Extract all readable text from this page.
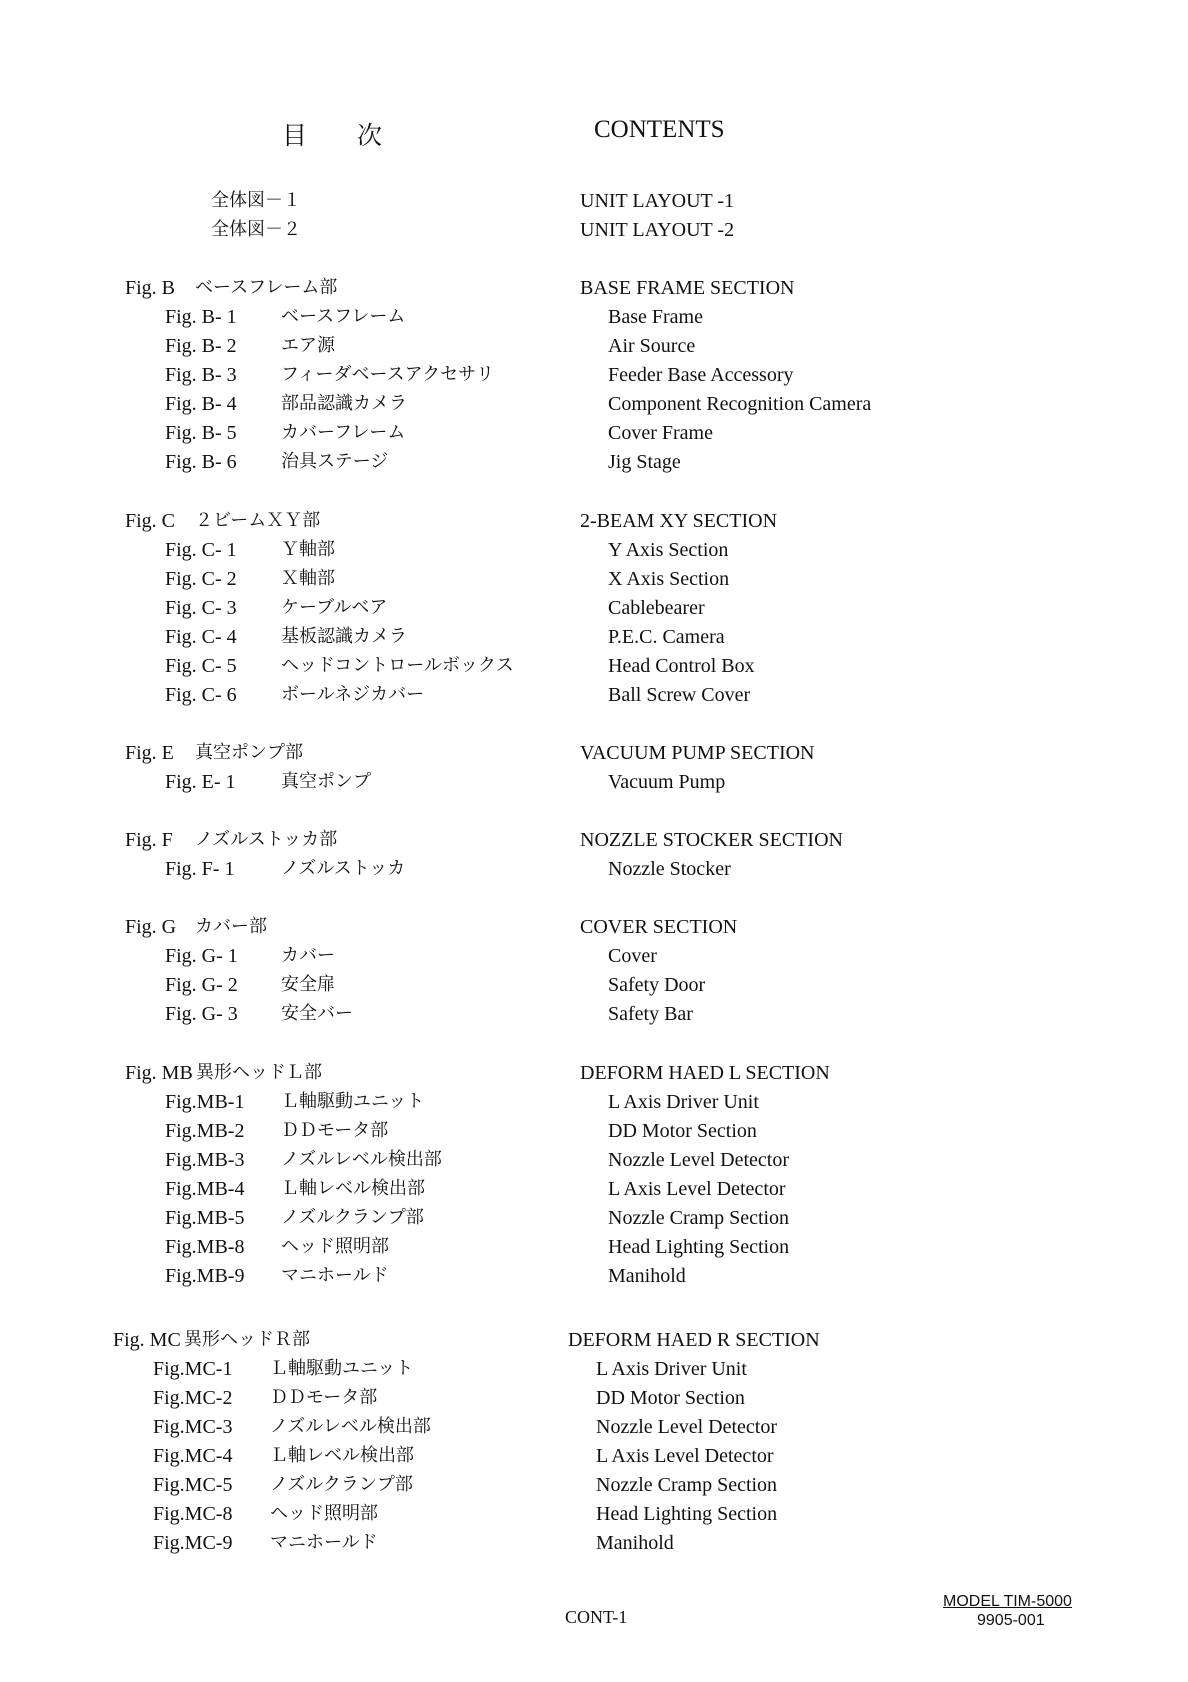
目　　次	CONTENTS
全体図－１	UNIT LAYOUT -1
全体図－２	UNIT LAYOUT -2
Fig. B ベースフレーム部	BASE FRAME SECTION
Fig. B- 1 ベースフレーム	Base Frame
Fig. B- 2 エア源	Air Source
Fig. B- 3 フィーダベースアクセサリ	Feeder Base Accessory
Fig. B- 4 部品認識カメラ	Component Recognition Camera
Fig. B- 5 カバーフレーム	Cover Frame
Fig. B- 6 治具ステージ	Jig Stage
Fig. C ２ビームＸＹ部	2-BEAM XY SECTION
Fig. C- 1 Ｙ軸部	Y Axis Section
Fig. C- 2 Ｘ軸部	X Axis Section
Fig. C- 3 ケーブルベア	Cablebearer
Fig. C- 4 基板認識カメラ	P.E.C. Camera
Fig. C- 5 ヘッドコントロールボックス	Head Control Box
Fig. C- 6 ボールネジカバー	Ball Screw Cover
Fig. E 真空ポンプ部	VACUUM PUMP SECTION
Fig. E- 1	真空ポンプ	Vacuum Pump
Fig. F ノズルストッカ部	NOZZLE STOCKER SECTION
Fig. F- 1	ノズルストッカ	Nozzle Stocker
Fig. G カバー部	COVER SECTION
Fig. G- 1 カバー	Cover
Fig. G- 2 安全扉	Safety Door
Fig. G- 3 安全バー	Safety Bar
Fig. MB 異形ヘッドＬ部	DEFORM HAED L SECTION
Fig.MB-1 Ｌ軸駆動ユニット	L Axis Driver Unit
Fig.MB-2 ＤＤモータ部	DD Motor Section
Fig.MB-3 ノズルレベル検出部	Nozzle Level Detector
Fig.MB-4 Ｌ軸レベル検出部	L Axis Level Detector
Fig.MB-5 ノズルクランプ部	Nozzle Cramp Section
Fig.MB-8 ヘッド照明部	Head Lighting Section
Fig.MB-9 マニホールド	Manihold
Fig. MC 異形ヘッドＲ部	DEFORM HAED R SECTION
Fig.MC-1 Ｌ軸駆動ユニット	L Axis Driver Unit
Fig.MC-2 ＤＤモータ部	DD Motor Section
Fig.MC-3 ノズルレベル検出部	Nozzle Level Detector
Fig.MC-4 Ｌ軸レベル検出部	L Axis Level Detector
Fig.MC-5 ノズルクランプ部	Nozzle Cramp Section
Fig.MC-8 ヘッド照明部	Head Lighting Section
Fig.MC-9 マニホールド	Manihold
CONT-1
MODEL TIM-5000
9905-001
